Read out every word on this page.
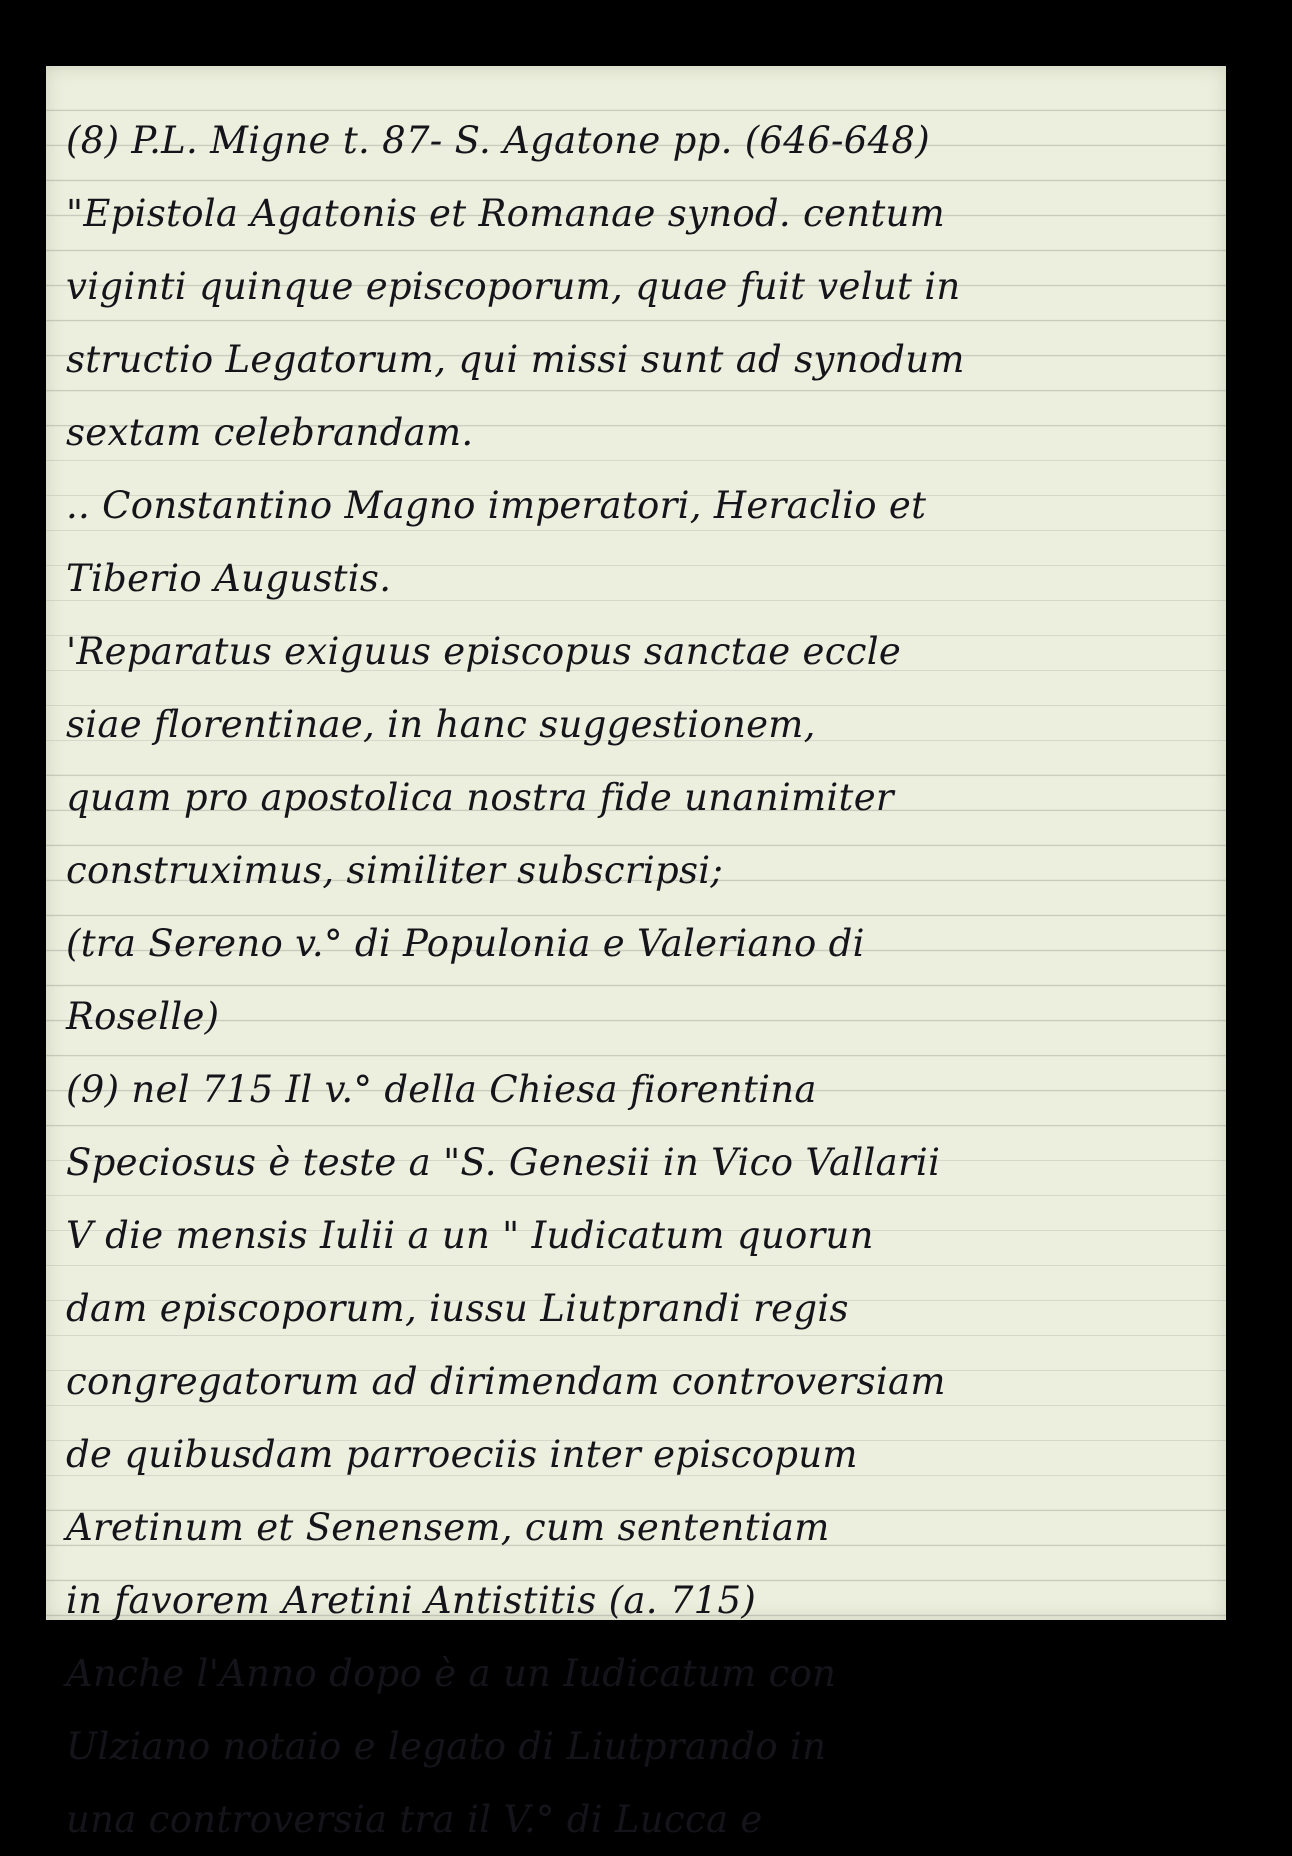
(8) P.L. Migne t. 87- S. Agatone pp. (646-648)
"Epistola Agatonis et Romanae synod. centum
viginti quinque episcoporum, quae fuit velut in
structio Legatorum, qui missi sunt ad synodum
sextam celebrandam.
.. Constantino Magno imperatori, Heraclio et
Tiberio Augustis.
'Reparatus exiguus episcopus sanctae eccle
siae florentinae, in hanc suggestionem,
quam pro apostolica nostra fide unanimiter
construximus, similiter subscripsi;
(tra Sereno v.° di Populonia e Valeriano di
Roselle)
(9) nel 715 Il v.° della Chiesa fiorentina
Speciosus è teste a "S. Genesii in Vico Vallarii
V die mensis Iulii a un " Iudicatum quorun
dam episcoporum, iussu Liutprandi regis
congregatorum ad dirimendam controversiam
de quibusdam parroeciis inter episcopum
Aretinum et Senensem, cum sententiam
in favorem Aretini Antistitis (a. 715)
Anche l'Anno dopo è a un Iudicatum con
Ulziano notaio e legato di Liutprando in
una controversia tra il V.° di Lucca e
